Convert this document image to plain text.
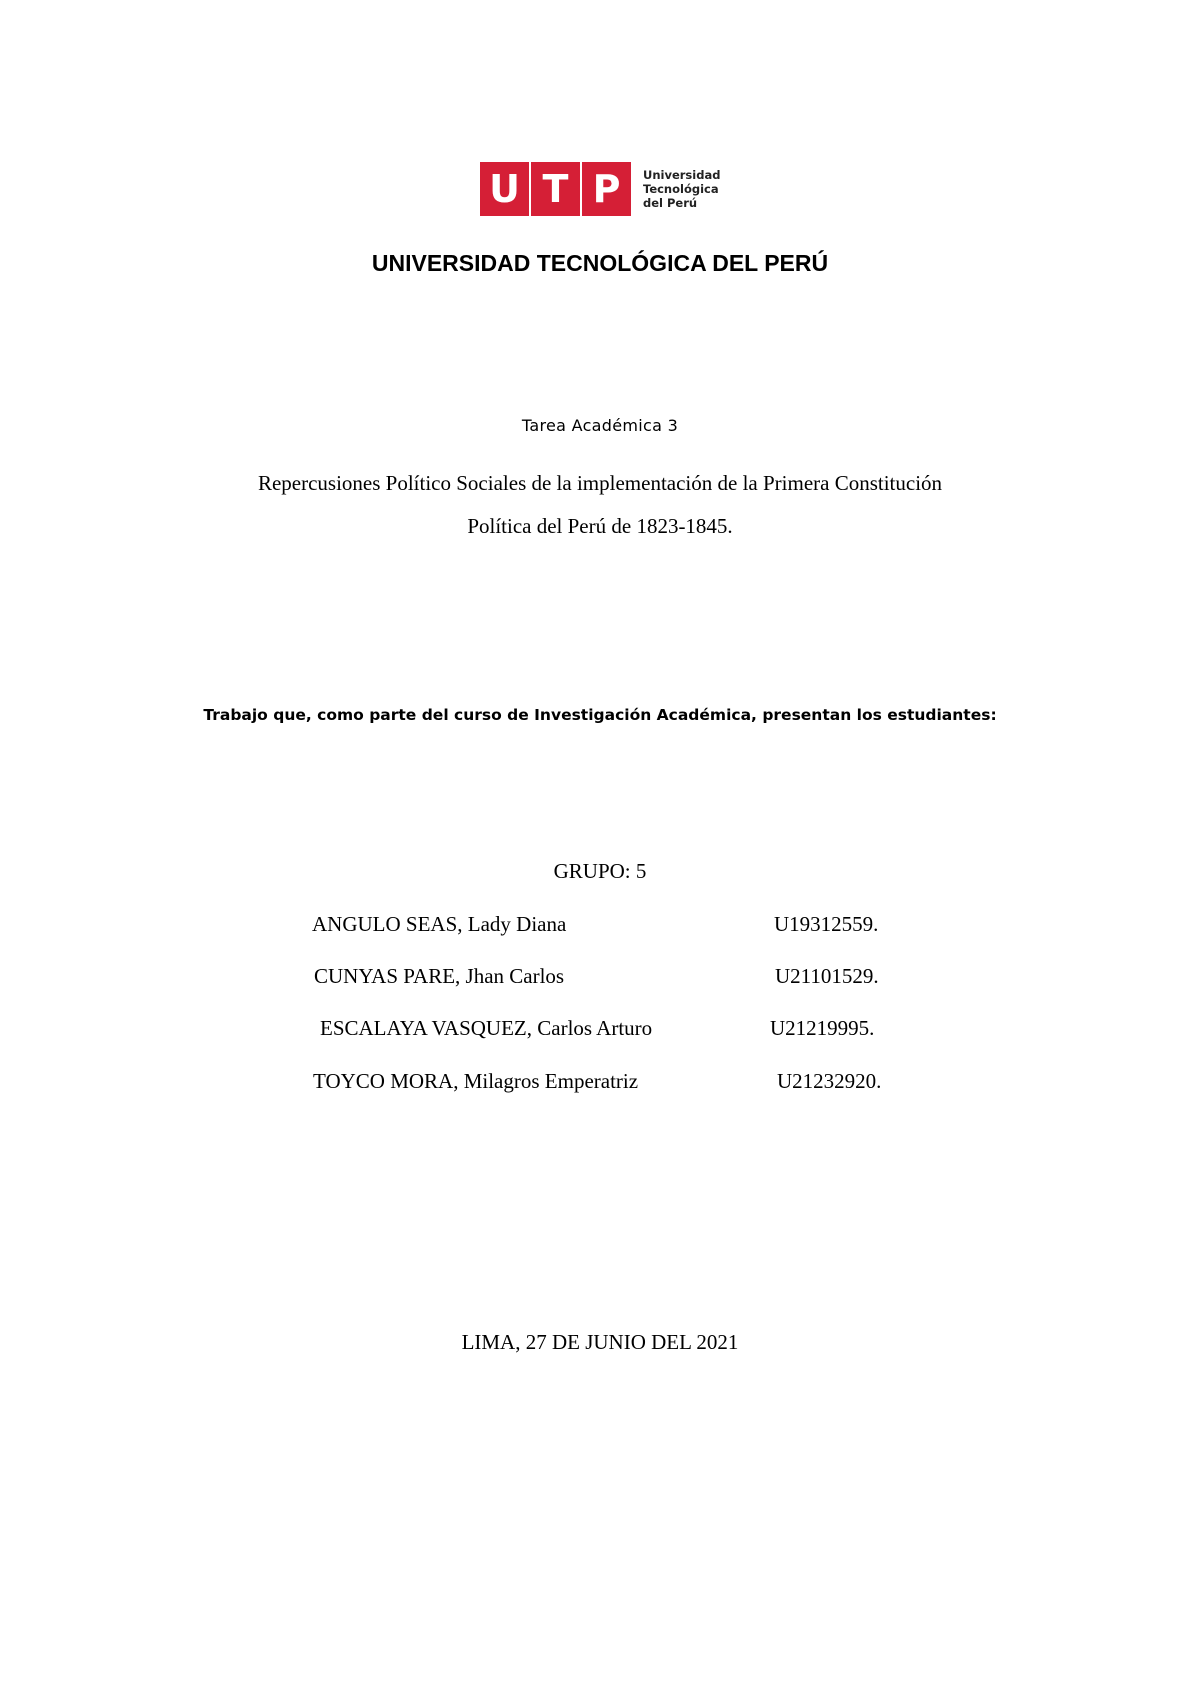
U T P	Universidad
Tecnológica
del Perú
UNIVERSIDAD TECNOLÓGICA DEL PERÚ
Tarea Académica 3
Repercusiones Político Sociales de la implementación de la Primera Constitución
Política del Perú de 1823-1845.
Trabajo que, como parte del curso de Investigación Académica, presentan los estudiantes:
GRUPO: 5
ANGULO SEAS, Lady Diana	U19312559.
CUNYAS PARE, Jhan Carlos	U21101529.
ESCALAYA VASQUEZ, Carlos Arturo	U21219995.
TOYCO MORA, Milagros Emperatriz	U21232920.
LIMA, 27 DE JUNIO DEL 2021
